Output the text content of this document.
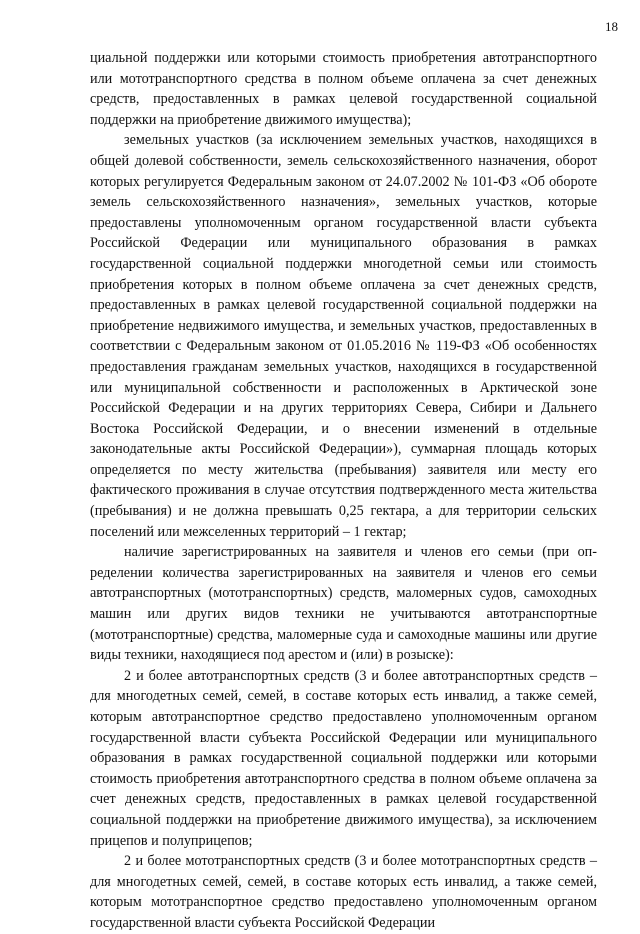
18

циальной поддержки или которыми стоимость приобретения автотранспортного или мототранспортного средства в полном объеме оплачена за счет денежных средств, предоставленных в рамках целевой государственной социальной поддержки на приобретение движимого имущества);

земельных участков (за исключением земельных участков, находящихся в общей долевой собственности, земель сельскохозяйственного назначения, оборот которых регулируется Федеральным законом от 24.07.2002 № 101-ФЗ «Об обороте земель сельскохозяйственного назначения», земельных участков, которые предоставлены уполномоченным органом государственной власти субъекта Российской Федерации или муниципального образования в рамках государственной социальной поддержки многодетной семьи или стоимость приобретения которых в полном объеме оплачена за счет денежных средств, предоставленных в рамках целевой государственной социальной поддержки на приобретение недвижимого имущества, и земельных участков, предоставленных в соответствии с Федеральным законом от 01.05.2016 № 119-ФЗ «Об особенностях предоставления гражданам земельных участков, находящихся в государственной или муниципальной собственности и расположенных в Арктической зоне Российской Федерации и на других территориях Севера, Сибири и Дальнего Востока Российской Федерации, и о внесении изменений в отдельные законодательные акты Российской Федерации»), суммарная площадь которых определяется по месту жительства (пребывания) заявителя или месту его фактического проживания в случае отсутствия подтвержденного места жительства (пребывания) и не должна превышать 0,25 гектара, а для территории сельских поселений или межселенных территорий – 1 гектар;

наличие зарегистрированных на заявителя и членов его семьи (при определении количества зарегистрированных на заявителя и членов его семьи автотранспортных (мототранспортных) средств, маломерных судов, самоходных машин или других видов техники не учитываются автотранспортные (мототранспортные) средства, маломерные суда и самоходные машины или другие виды техники, находящиеся под арестом и (или) в розыске):

2 и более автотранспортных средств (3 и более автотранспортных средств – для многодетных семей, семей, в составе которых есть инвалид, а также семей, которым автотранспортное средство предоставлено уполномоченным органом государственной власти субъекта Российской Федерации или муниципального образования в рамках государственной социальной поддержки или которыми стоимость приобретения автотранспортного средства в полном объеме оплачена за счет денежных средств, предоставленных в рамках целевой государственной социальной поддержки на приобретение движимого имущества), за исключением прицепов и полуприцепов;

2 и более мототранспортных средств (3 и более мототранспортных средств – для многодетных семей, семей, в составе которых есть инвалид, а также семей, которым мототранспортное средство предоставлено уполномоченным органом государственной власти субъекта Российской Федерации
